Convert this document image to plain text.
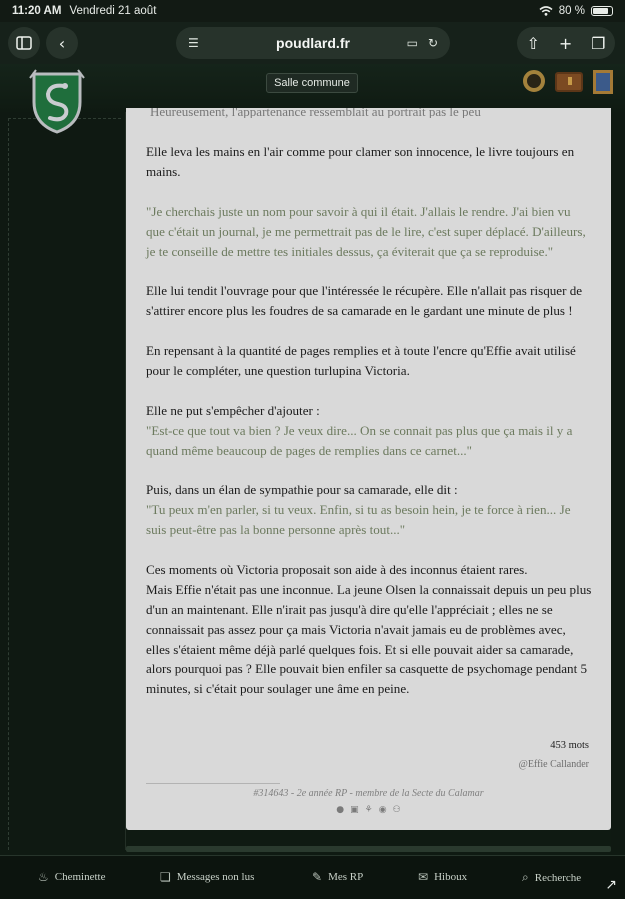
11:20 AM Vendredi 21 août	80 %
‹	☰	poudlard.fr	▭ ↻	⇧ + ❐
Salle commune
Heureusement, l'appartenance ressemblait au portrait pas le peu

Elle leva les mains en l'air comme pour clamer son innocence, le livre toujours en mains.

"Je cherchais juste un nom pour savoir à qui il était. J'allais le rendre. J'ai bien vu que c'était un journal, je me permettrait pas de le lire, c'est super déplacé. D'ailleurs, je te conseille de mettre tes initiales dessus, ça éviterait que ça se reproduise."

Elle lui tendit l'ouvrage pour que l'intéressée le récupère. Elle n'allait pas risquer de s'attirer encore plus les foudres de sa camarade en le gardant une minute de plus !

En repensant à la quantité de pages remplies et à toute l'encre qu'Effie avait utilisé pour le compléter, une question turlupina Victoria.

Elle ne put s'empêcher d'ajouter :
"Est-ce que tout va bien ? Je veux dire... On se connait pas plus que ça mais il y a quand même beaucoup de pages de remplies dans ce carnet..."

Puis, dans un élan de sympathie pour sa camarade, elle dit :
"Tu peux m'en parler, si tu veux. Enfin, si tu as besoin hein, je te force à rien... Je suis peut-être pas la bonne personne après tout..."

Ces moments où Victoria proposait son aide à des inconnus étaient rares.

Mais Effie n'était pas une inconnue. La jeune Olsen la connaissait depuis un peu plus d'un an maintenant. Elle n'irait pas jusqu'à dire qu'elle l'appréciait ; elles ne se connaissait pas assez pour ça mais Victoria n'avait jamais eu de problèmes avec, elles s'étaient même déjà parlé quelques fois. Et si elle pouvait aider sa camarade, alors pourquoi pas ? Elle pouvait bien enfiler sa casquette de psychomage pendant 5 minutes, si c'était pour soulager une âme en peine.

453 mots
@Effie Callander
#314643 - 2e année RP - membre de la Secte du Calamar
● ▣ ⚘ ◉ ⚇
♨ Cheminette	❏ Messages non lus	✎ Mes RP	✉ Hiboux	⌕ Recherche ↗
